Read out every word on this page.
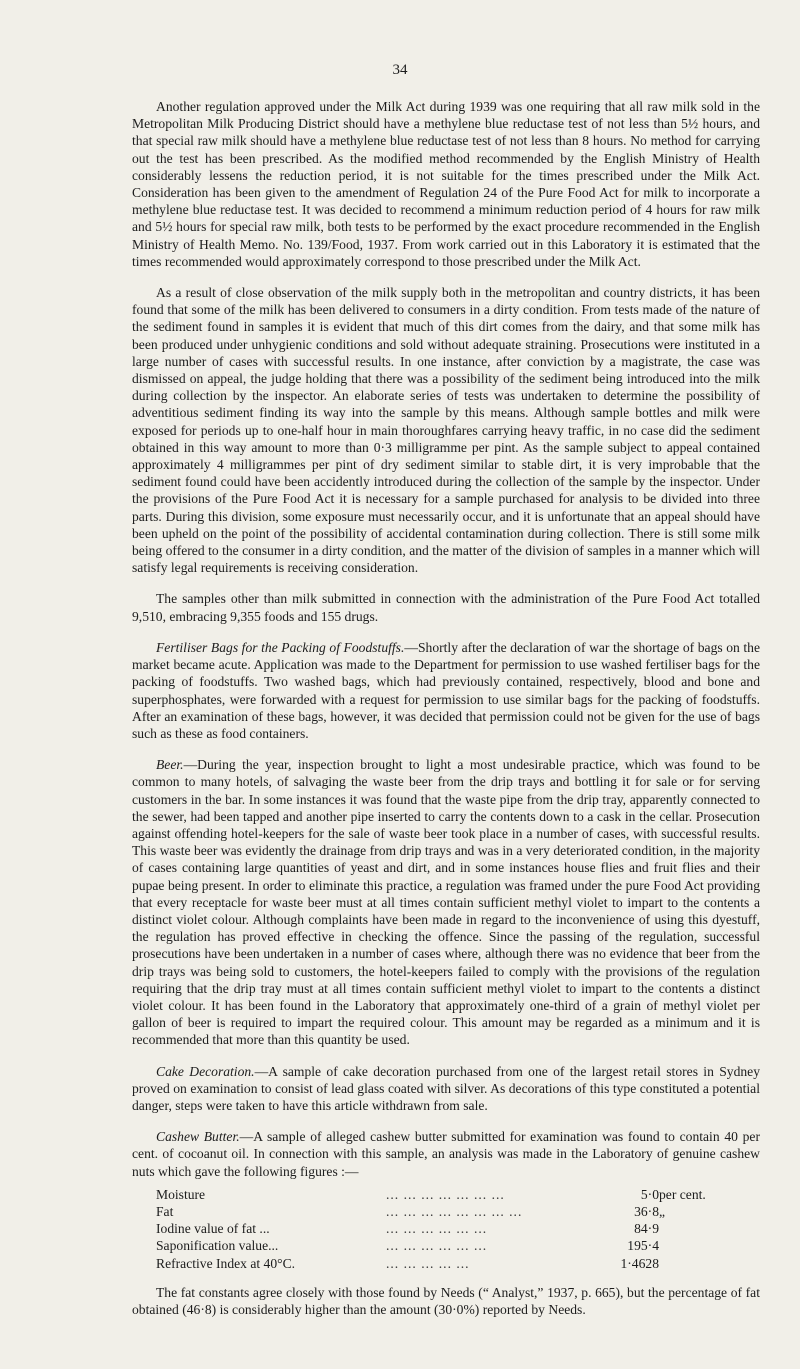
34

Another regulation approved under the Milk Act during 1939 was one requiring that all raw milk sold in the Metropolitan Milk Producing District should have a methylene blue reductase test of not less than 5½ hours, and that special raw milk should have a methylene blue reductase test of not less than 8 hours. No method for carrying out the test has been prescribed. As the modified method recommended by the English Ministry of Health considerably lessens the reduction period, it is not suitable for the times prescribed under the Milk Act. Consideration has been given to the amendment of Regulation 24 of the Pure Food Act for milk to incorporate a methylene blue reductase test. It was decided to recommend a minimum reduction period of 4 hours for raw milk and 5½ hours for special raw milk, both tests to be performed by the exact procedure recommended in the English Ministry of Health Memo. No. 139/Food, 1937. From work carried out in this Laboratory it is estimated that the times recommended would approximately correspond to those prescribed under the Milk Act.

As a result of close observation of the milk supply both in the metropolitan and country districts, it has been found that some of the milk has been delivered to consumers in a dirty condition. From tests made of the nature of the sediment found in samples it is evident that much of this dirt comes from the dairy, and that some milk has been produced under unhygienic conditions and sold without adequate straining. Prosecutions were instituted in a large number of cases with successful results. In one instance, after conviction by a magistrate, the case was dismissed on appeal, the judge holding that there was a possibility of the sediment being introduced into the milk during collection by the inspector. An elaborate series of tests was undertaken to determine the possibility of adventitious sediment finding its way into the sample by this means. Although sample bottles and milk were exposed for periods up to one-half hour in main thoroughfares carrying heavy traffic, in no case did the sediment obtained in this way amount to more than 0·3 milligramme per pint. As the sample subject to appeal contained approximately 4 milligrammes per pint of dry sediment similar to stable dirt, it is very improbable that the sediment found could have been accidently introduced during the collection of the sample by the inspector. Under the provisions of the Pure Food Act it is necessary for a sample purchased for analysis to be divided into three parts. During this division, some exposure must necessarily occur, and it is unfortunate that an appeal should have been upheld on the point of the possibility of accidental contamination during collection. There is still some milk being offered to the consumer in a dirty condition, and the matter of the division of samples in a manner which will satisfy legal requirements is receiving consideration.

The samples other than milk submitted in connection with the administration of the Pure Food Act totalled 9,510, embracing 9,355 foods and 155 drugs.

Fertiliser Bags for the Packing of Foodstuffs.—Shortly after the declaration of war the shortage of bags on the market became acute. Application was made to the Department for permission to use washed fertiliser bags for the packing of foodstuffs. Two washed bags, which had previously contained, respectively, blood and bone and superphosphates, were forwarded with a request for permission to use similar bags for the packing of foodstuffs. After an examination of these bags, however, it was decided that permission could not be given for the use of bags such as these as food containers.

Beer.—During the year, inspection brought to light a most undesirable practice, which was found to be common to many hotels, of salvaging the waste beer from the drip trays and bottling it for sale or for serving customers in the bar. In some instances it was found that the waste pipe from the drip tray, apparently connected to the sewer, had been tapped and another pipe inserted to carry the contents down to a cask in the cellar. Prosecution against offending hotel-keepers for the sale of waste beer took place in a number of cases, with successful results. This waste beer was evidently the drainage from drip trays and was in a very deteriorated condition, in the majority of cases containing large quantities of yeast and dirt, and in some instances house flies and fruit flies and their pupae being present. In order to eliminate this practice, a regulation was framed under the pure Food Act providing that every receptacle for waste beer must at all times contain sufficient methyl violet to impart to the contents a distinct violet colour. Although complaints have been made in regard to the inconvenience of using this dyestuff, the regulation has proved effective in checking the offence. Since the passing of the regulation, successful prosecutions have been undertaken in a number of cases where, although there was no evidence that beer from the drip trays was being sold to customers, the hotel-keepers failed to comply with the provisions of the regulation requiring that the drip tray must at all times contain sufficient methyl violet to impart to the contents a distinct violet colour. It has been found in the Laboratory that approximately one-third of a grain of methyl violet per gallon of beer is required to impart the required colour. This amount may be regarded as a minimum and it is recommended that more than this quantity be used.

Cake Decoration.—A sample of cake decoration purchased from one of the largest retail stores in Sydney proved on examination to consist of lead glass coated with silver. As decorations of this type constituted a potential danger, steps were taken to have this article withdrawn from sale.

Cashew Butter.—A sample of alleged cashew butter submitted for examination was found to contain 40 per cent. of cocoanut oil. In connection with this sample, an analysis was made in the Laboratory of genuine cashew nuts which gave the following figures :—

Moisture	... ... ... ... ... ... ...	5·0	per cent.
Fat	... ... ... ... ... ... ... ...	36·8	„
Iodine value of fat ...	... ... ... ... ... ...	84·9	
Saponification value...	... ... ... ... ... ...	195·4	
Refractive Index at 40°C.	... ... ... ... ...	1·4628	

The fat constants agree closely with those found by Needs (“ Analyst,” 1937, p. 665), but the percentage of fat obtained (46·8) is considerably higher than the amount (30·0%) reported by Needs.
